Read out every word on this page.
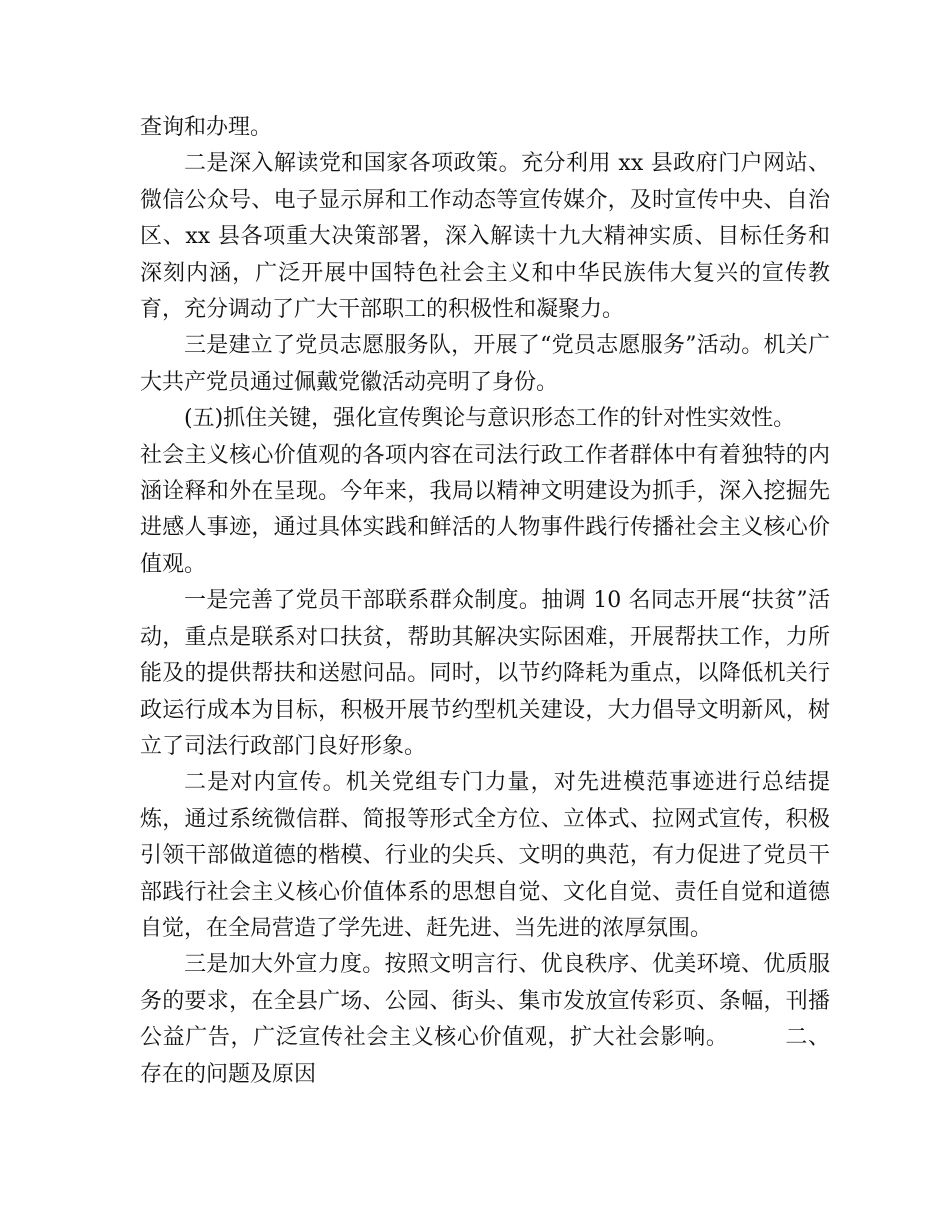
查询和办理。

二是深入解读党和国家各项政策。充分利用 xx 县政府门户网站、微信公众号、电子显示屏和工作动态等宣传媒介，及时宣传中央、自治区、xx 县各项重大决策部署，深入解读十九大精神实质、目标任务和深刻内涵，广泛开展中国特色社会主义和中华民族伟大复兴的宣传教育，充分调动了广大干部职工的积极性和凝聚力。

三是建立了党员志愿服务队，开展了“党员志愿服务”活动。机关广大共产党员通过佩戴党徽活动亮明了身份。

(五)抓住关键，强化宣传舆论与意识形态工作的针对性实效性。

社会主义核心价值观的各项内容在司法行政工作者群体中有着独特的内涵诠释和外在呈现。今年来，我局以精神文明建设为抓手，深入挖掘先进感人事迹，通过具体实践和鲜活的人物事件践行传播社会主义核心价值观。

一是完善了党员干部联系群众制度。抽调 10 名同志开展“扶贫”活动，重点是联系对口扶贫，帮助其解决实际困难，开展帮扶工作，力所能及的提供帮扶和送慰问品。同时，以节约降耗为重点，以降低机关行政运行成本为目标，积极开展节约型机关建设，大力倡导文明新风，树立了司法行政部门良好形象。

二是对内宣传。机关党组专门力量，对先进模范事迹进行总结提炼，通过系统微信群、简报等形式全方位、立体式、拉网式宣传，积极引领干部做道德的楷模、行业的尖兵、文明的典范，有力促进了党员干部践行社会主义核心价值体系的思想自觉、文化自觉、责任自觉和道德自觉，在全局营造了学先进、赶先进、当先进的浓厚氛围。

三是加大外宣力度。按照文明言行、优良秩序、优美环境、优质服务的要求，在全县广场、公园、街头、集市发放宣传彩页、条幅，刊播公益广告，广泛宣传社会主义核心价值观，扩大社会影响。　　　二、存在的问题及原因
